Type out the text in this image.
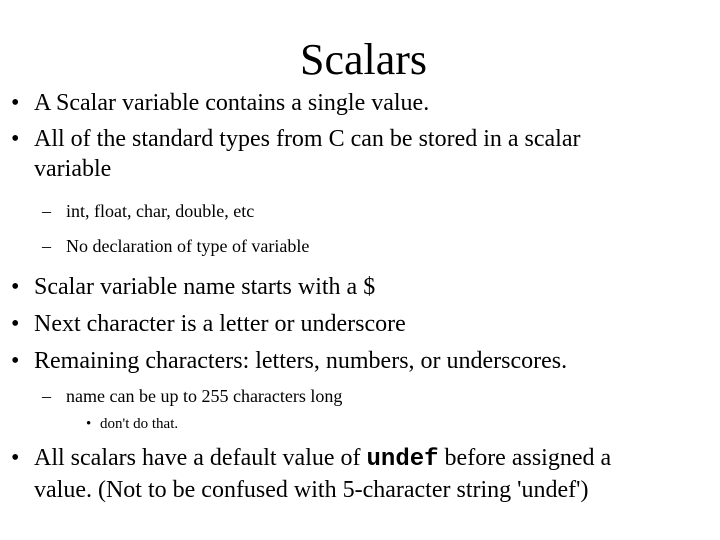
Scalars
• A Scalar variable contains a single value.
• All of the standard types from C can be stored in a scalar
variable
– int, float, char, double, etc
– No declaration of type of variable
• Scalar variable name starts with a $
• Next character is a letter or underscore
• Remaining characters: letters, numbers, or underscores.
– name can be up to 255 characters long
• don't do that.
• All scalars have a default value of undef before assigned a
value. (Not to be confused with 5-character string 'undef')
